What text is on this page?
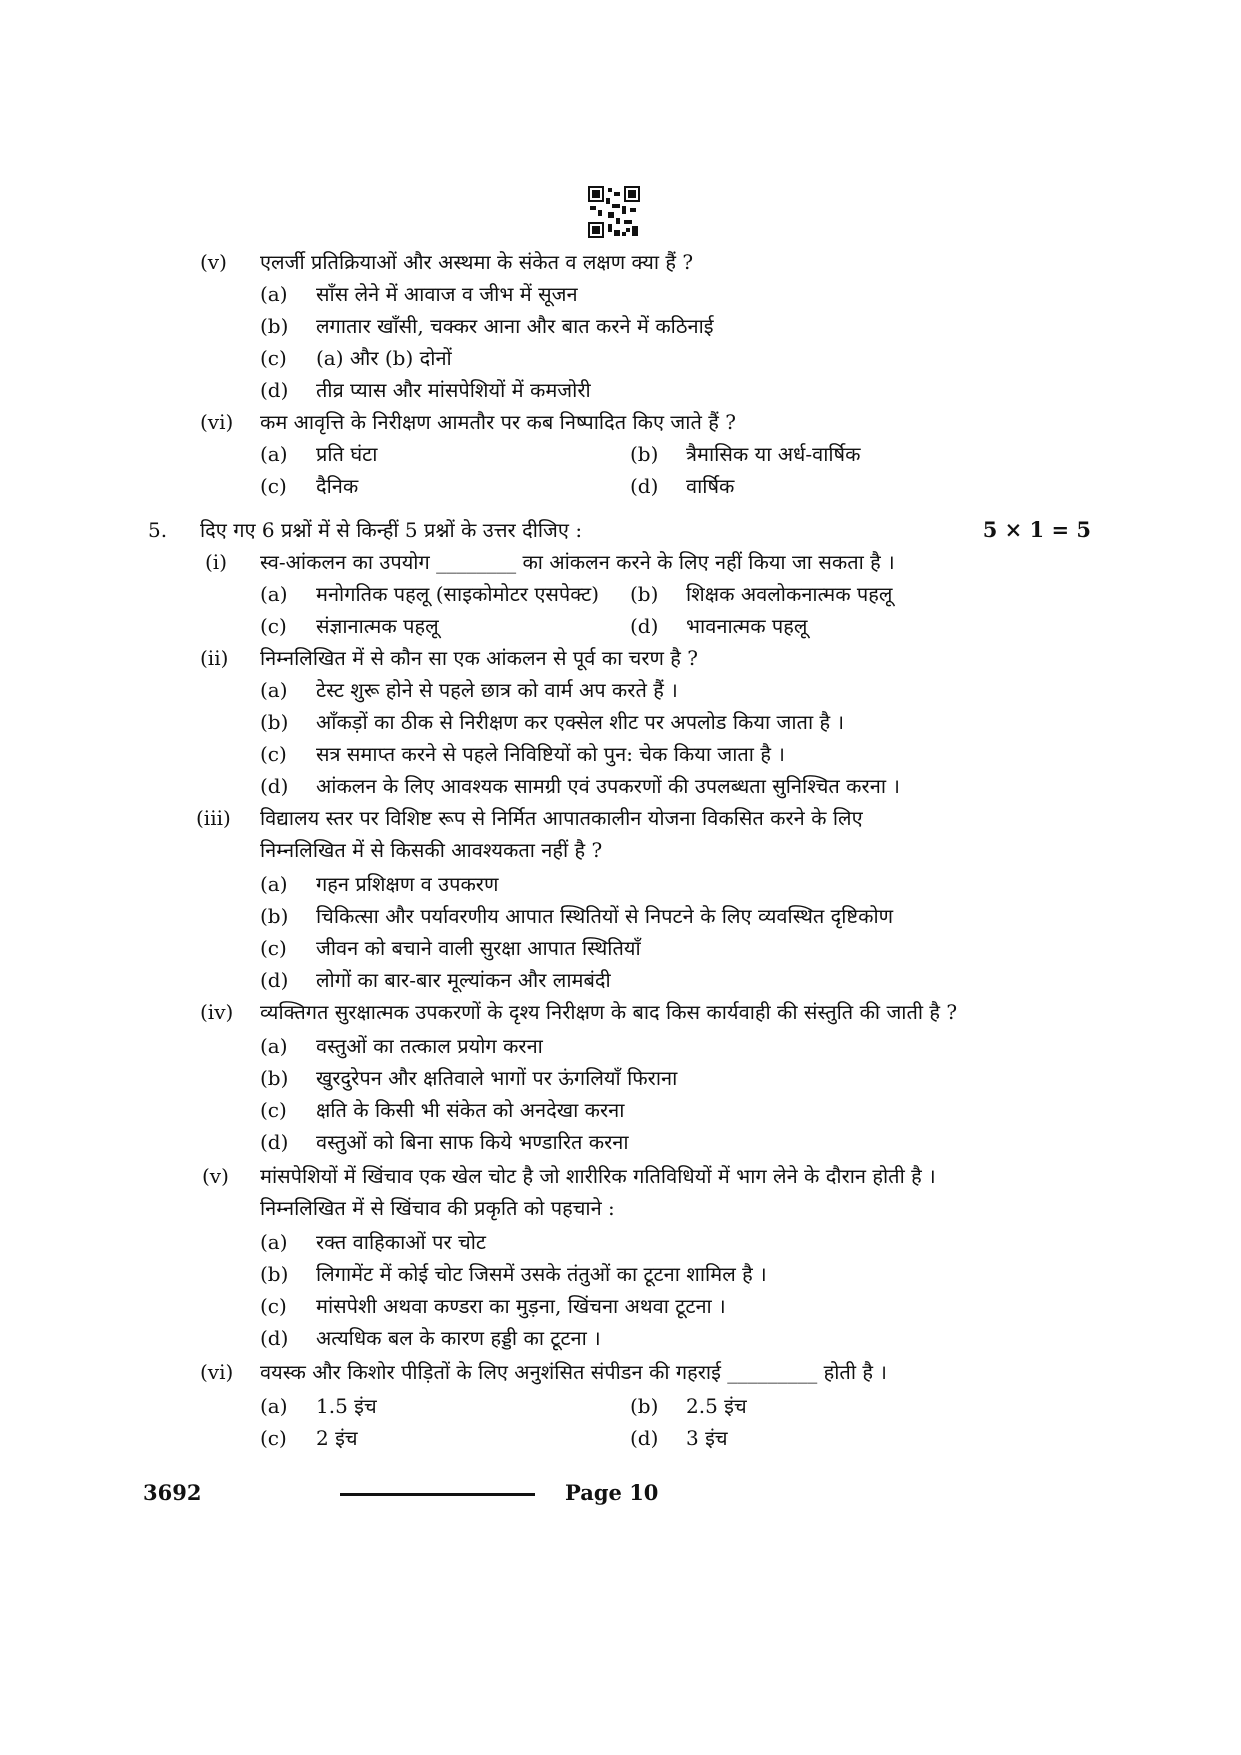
(v) एलर्जी प्रतिक्रियाओं और अस्थमा के संकेत व लक्षण क्या हैं ?
(a) साँस लेने में आवाज व जीभ में सूजन
(b) लगातार खाँसी, चक्कर आना और बात करने में कठिनाई
(c) (a) और (b) दोनों
(d) तीव्र प्यास और मांसपेशियों में कमजोरी
(vi) कम आवृत्ति के निरीक्षण आमतौर पर कब निष्पादित किए जाते हैं ?
(a) प्रति घंटा	(b) त्रैमासिक या अर्ध-वार्षिक
(c) दैनिक	(d) वार्षिक
5. दिए गए 6 प्रश्नों में से किन्हीं 5 प्रश्नों के उत्तर दीजिए :	5 × 1 = 5
(i) स्व-आंकलन का उपयोग ________ का आंकलन करने के लिए नहीं किया जा सकता है ।
(a) मनोगतिक पहलू (साइकोमोटर एसपेक्ट) (b) शिक्षक अवलोकनात्मक पहलू
(c) संज्ञानात्मक पहलू	(d) भावनात्मक पहलू
(ii) निम्नलिखित में से कौन सा एक आंकलन से पूर्व का चरण है ?
(a) टेस्ट शुरू होने से पहले छात्र को वार्म अप करते हैं ।
(b) आँकड़ों का ठीक से निरीक्षण कर एक्सेल शीट पर अपलोड किया जाता है ।
(c) सत्र समाप्त करने से पहले निविष्टियों को पुन: चेक किया जाता है ।
(d) आंकलन के लिए आवश्यक सामग्री एवं उपकरणों की उपलब्धता सुनिश्चित करना ।
(iii) विद्यालय स्तर पर विशिष्ट रूप से निर्मित आपातकालीन योजना विकसित करने के लिए
निम्नलिखित में से किसकी आवश्यकता नहीं है ?
(a) गहन प्रशिक्षण व उपकरण
(b) चिकित्सा और पर्यावरणीय आपात स्थितियों से निपटने के लिए व्यवस्थित दृष्टिकोण
(c) जीवन को बचाने वाली सुरक्षा आपात स्थितियाँ
(d) लोगों का बार-बार मूल्यांकन और लामबंदी
(iv) व्यक्तिगत सुरक्षात्मक उपकरणों के दृश्य निरीक्षण के बाद किस कार्यवाही की संस्तुति की जाती है ?
(a) वस्तुओं का तत्काल प्रयोग करना
(b) खुरदुरेपन और क्षतिवाले भागों पर ऊंगलियाँ फिराना
(c) क्षति के किसी भी संकेत को अनदेखा करना
(d) वस्तुओं को बिना साफ किये भण्डारित करना
(v) मांसपेशियों में खिंचाव एक खेल चोट है जो शारीरिक गतिविधियों में भाग लेने के दौरान होती है ।
निम्नलिखित में से खिंचाव की प्रकृति को पहचाने :
(a) रक्त वाहिकाओं पर चोट
(b) लिगामेंट में कोई चोट जिसमें उसके तंतुओं का टूटना शामिल है ।
(c) मांसपेशी अथवा कण्डरा का मुड़ना, खिंचना अथवा टूटना ।
(d) अत्यधिक बल के कारण हड्डी का टूटना ।
(vi) वयस्क और किशोर पीड़ितों के लिए अनुशंसित संपीडन की गहराई _________ होती है ।
(a) 1.5 इंच	(b) 2.5 इंच
(c) 2 इंच	(d) 3 इंच
3692	Page 10
